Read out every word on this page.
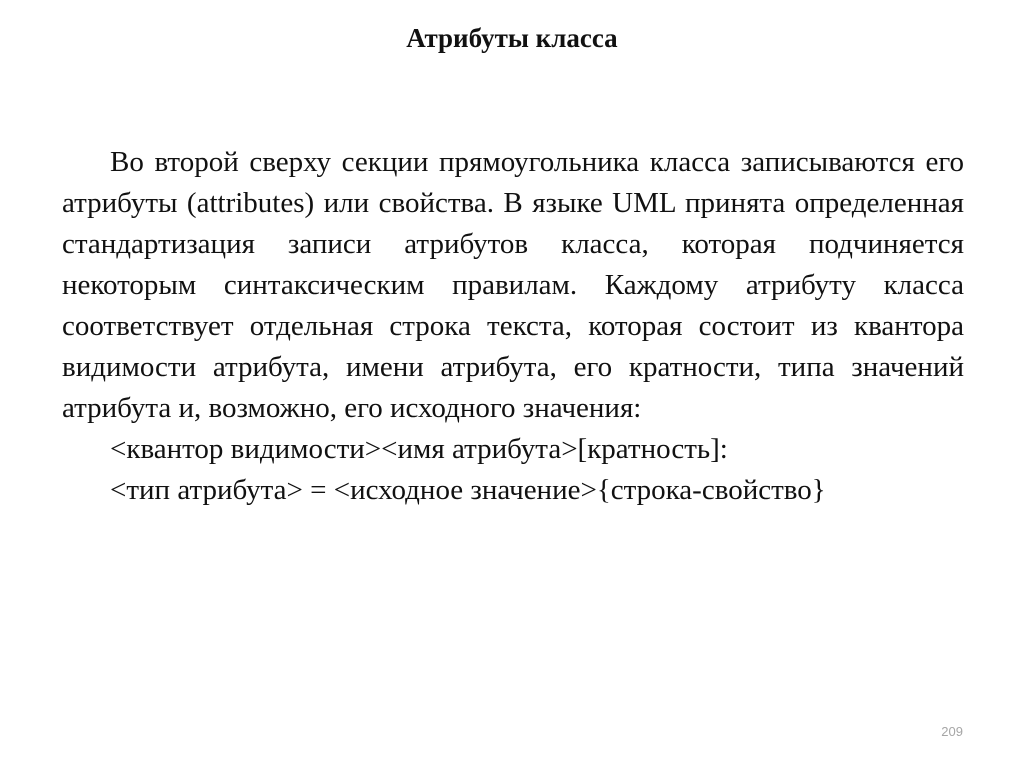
Атрибуты класса

Во второй сверху секции прямоугольника класса записываются его атрибуты (attributes) или свойства. В языке UML принята определенная стандартизация записи атрибутов класса, которая подчиняется некоторым синтаксическим правилам. Каждому атрибуту класса соответствует отдельная строка текста, которая состоит из квантора видимости атрибута, имени атрибута, его кратности, типа значений атрибута и, возможно, его исходного значения:

<квантор видимости><имя атрибута>[кратность]:
<тип атрибута> = <исходное значение>{строка-свойство}
209
